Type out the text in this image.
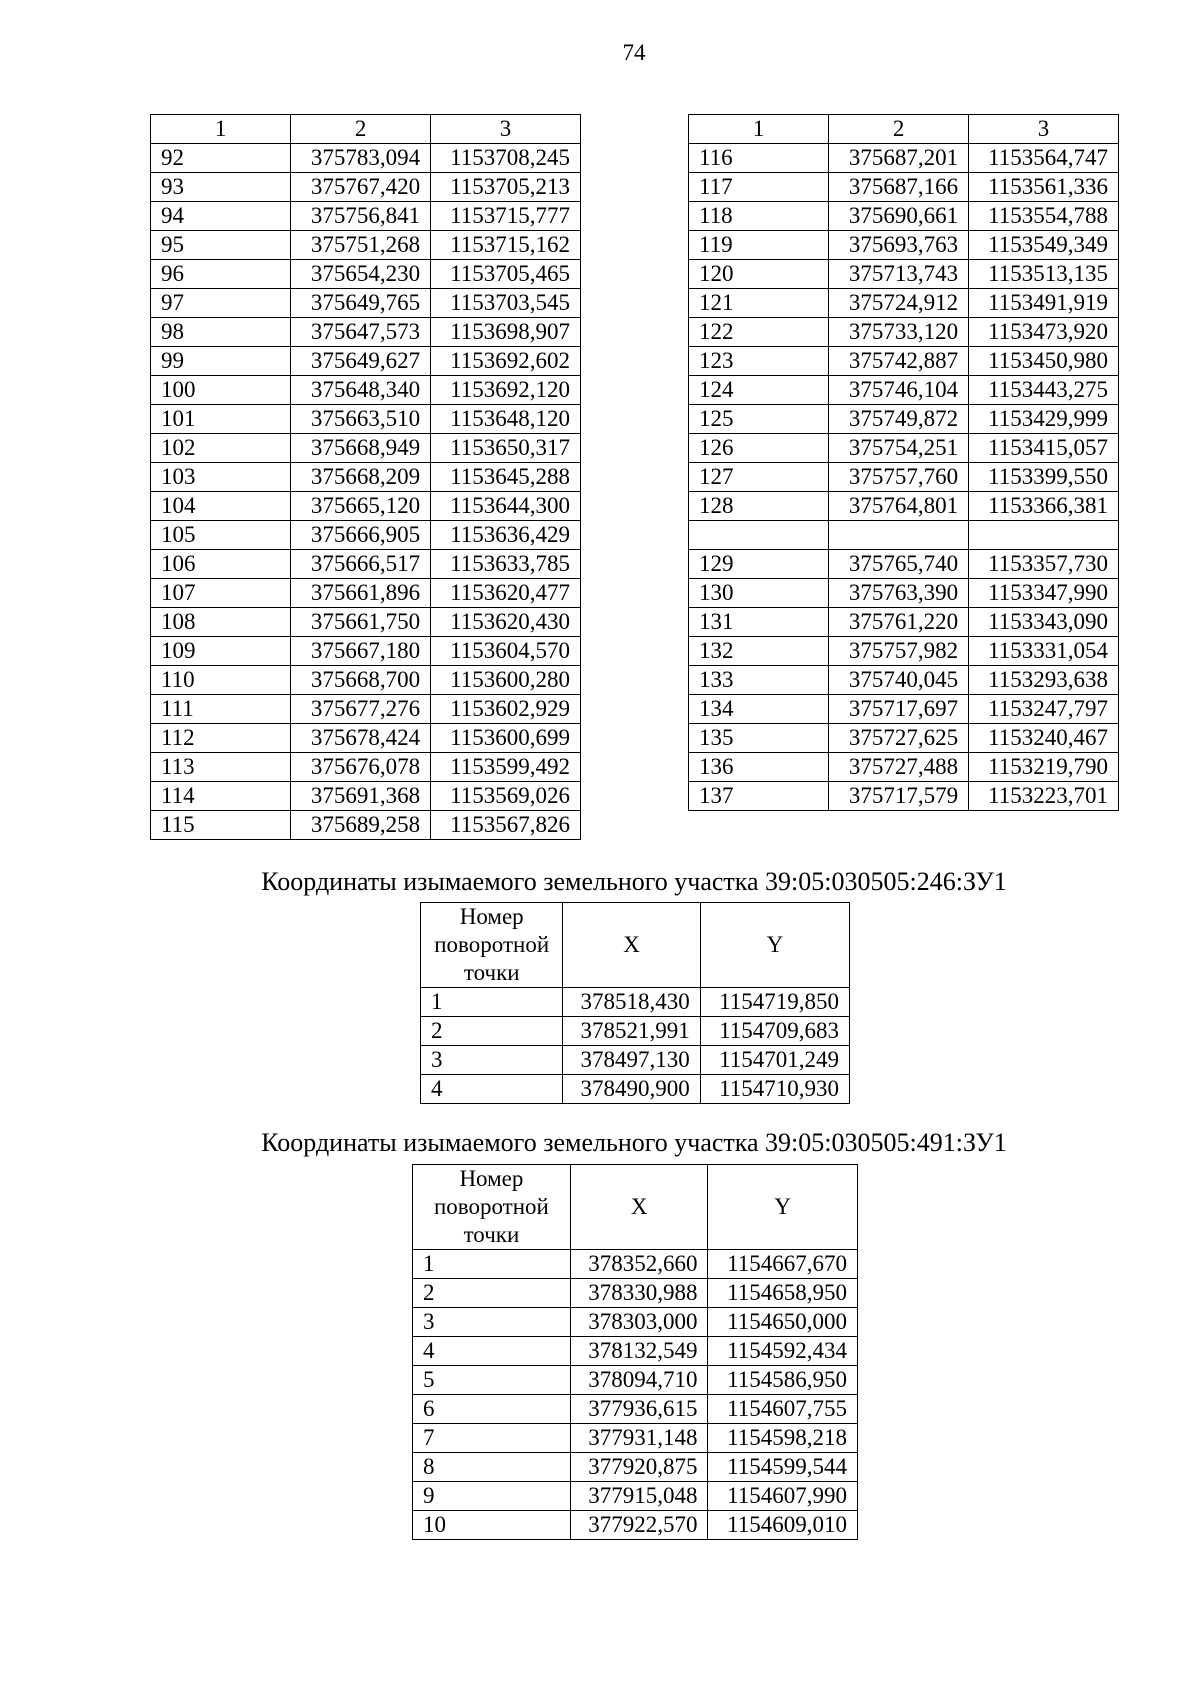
74
1	2	3
92	375783,094	1153708,245
93	375767,420	1153705,213
94	375756,841	1153715,777
95	375751,268	1153715,162
96	375654,230	1153705,465
97	375649,765	1153703,545
98	375647,573	1153698,907
99	375649,627	1153692,602
100	375648,340	1153692,120
101	375663,510	1153648,120
102	375668,949	1153650,317
103	375668,209	1153645,288
104	375665,120	1153644,300
105	375666,905	1153636,429
106	375666,517	1153633,785
107	375661,896	1153620,477
108	375661,750	1153620,430
109	375667,180	1153604,570
110	375668,700	1153600,280
111	375677,276	1153602,929
112	375678,424	1153600,699
113	375676,078	1153599,492
114	375691,368	1153569,026
115	375689,258	1153567,826
1	2	3
116	375687,201	1153564,747
117	375687,166	1153561,336
118	375690,661	1153554,788
119	375693,763	1153549,349
120	375713,743	1153513,135
121	375724,912	1153491,919
122	375733,120	1153473,920
123	375742,887	1153450,980
124	375746,104	1153443,275
125	375749,872	1153429,999
126	375754,251	1153415,057
127	375757,760	1153399,550
128	375764,801	1153366,381

129	375765,740	1153357,730
130	375763,390	1153347,990
131	375761,220	1153343,090
132	375757,982	1153331,054
133	375740,045	1153293,638
134	375717,697	1153247,797
135	375727,625	1153240,467
136	375727,488	1153219,790
137	375717,579	1153223,701
Координаты изымаемого земельного участка 39:05:030505:246:ЗУ1
Номер
поворотной
точки	X	Y
1	378518,430	1154719,850
2	378521,991	1154709,683
3	378497,130	1154701,249
4	378490,900	1154710,930
Координаты изымаемого земельного участка 39:05:030505:491:ЗУ1
Номер
поворотной
точки	X	Y
1	378352,660	1154667,670
2	378330,988	1154658,950
3	378303,000	1154650,000
4	378132,549	1154592,434
5	378094,710	1154586,950
6	377936,615	1154607,755
7	377931,148	1154598,218
8	377920,875	1154599,544
9	377915,048	1154607,990
10	377922,570	1154609,010
